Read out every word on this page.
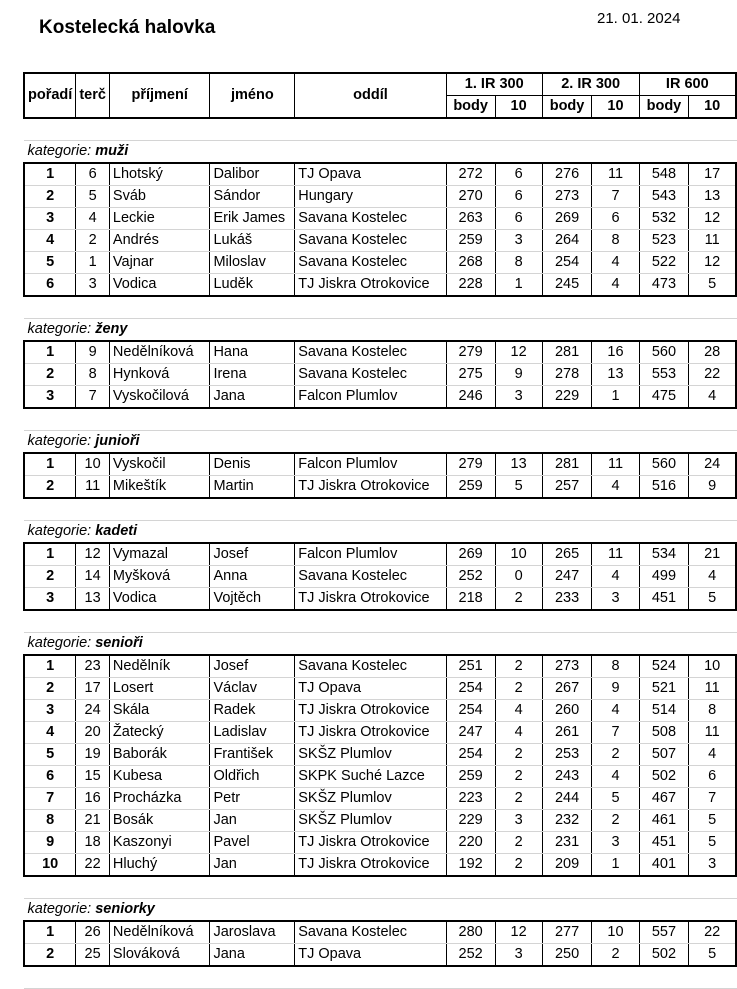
Kostelecká halovka	21. 01. 2024
pořadí	terč	příjmení	jméno	oddíl	1. IR 300		2. IR 300		IR 600	
					body	10	body	10	body	10

kategorie: muži										
1	6	Lhotský	Dalibor	TJ Opava	272	6	276	11	548	17
2	5	Sváb	Sándor	Hungary	270	6	273	7	543	13
3	4	Leckie	Erik James	Savana Kostelec	263	6	269	6	532	12
4	2	Andrés	Lukáš	Savana Kostelec	259	3	264	8	523	11
5	1	Vajnar	Miloslav	Savana Kostelec	268	8	254	4	522	12
6	3	Vodica	Luděk	TJ Jiskra Otrokovice	228	1	245	4	473	5

kategorie: ženy										
1	9	Nedělníková	Hana	Savana Kostelec	279	12	281	16	560	28
2	8	Hynková	Irena	Savana Kostelec	275	9	278	13	553	22
3	7	Vyskočilová	Jana	Falcon Plumlov	246	3	229	1	475	4

kategorie: junioři										
1	10	Vyskočil	Denis	Falcon Plumlov	279	13	281	11	560	24
2	11	Mikeštík	Martin	TJ Jiskra Otrokovice	259	5	257	4	516	9

kategorie: kadeti										
1	12	Vymazal	Josef	Falcon Plumlov	269	10	265	11	534	21
2	14	Myšková	Anna	Savana Kostelec	252	0	247	4	499	4
3	13	Vodica	Vojtěch	TJ Jiskra Otrokovice	218	2	233	3	451	5

kategorie: senioři										
1	23	Nedělník	Josef	Savana Kostelec	251	2	273	8	524	10
2	17	Losert	Václav	TJ Opava	254	2	267	9	521	11
3	24	Skála	Radek	TJ Jiskra Otrokovice	254	4	260	4	514	8
4	20	Žatecký	Ladislav	TJ Jiskra Otrokovice	247	4	261	7	508	11
5	19	Baborák	František	SKŠZ Plumlov	254	2	253	2	507	4
6	15	Kubesa	Oldřich	SKPK Suché Lazce	259	2	243	4	502	6
7	16	Procházka	Petr	SKŠZ Plumlov	223	2	244	5	467	7
8	21	Bosák	Jan	SKŠZ Plumlov	229	3	232	2	461	5
9	18	Kaszonyi	Pavel	TJ Jiskra Otrokovice	220	2	231	3	451	5
10	22	Hluchý	Jan	TJ Jiskra Otrokovice	192	2	209	1	401	3

kategorie: seniorky										
1	26	Nedělníková	Jaroslava	Savana Kostelec	280	12	277	10	557	22
2	25	Slováková	Jana	TJ Opava	252	3	250	2	502	5
